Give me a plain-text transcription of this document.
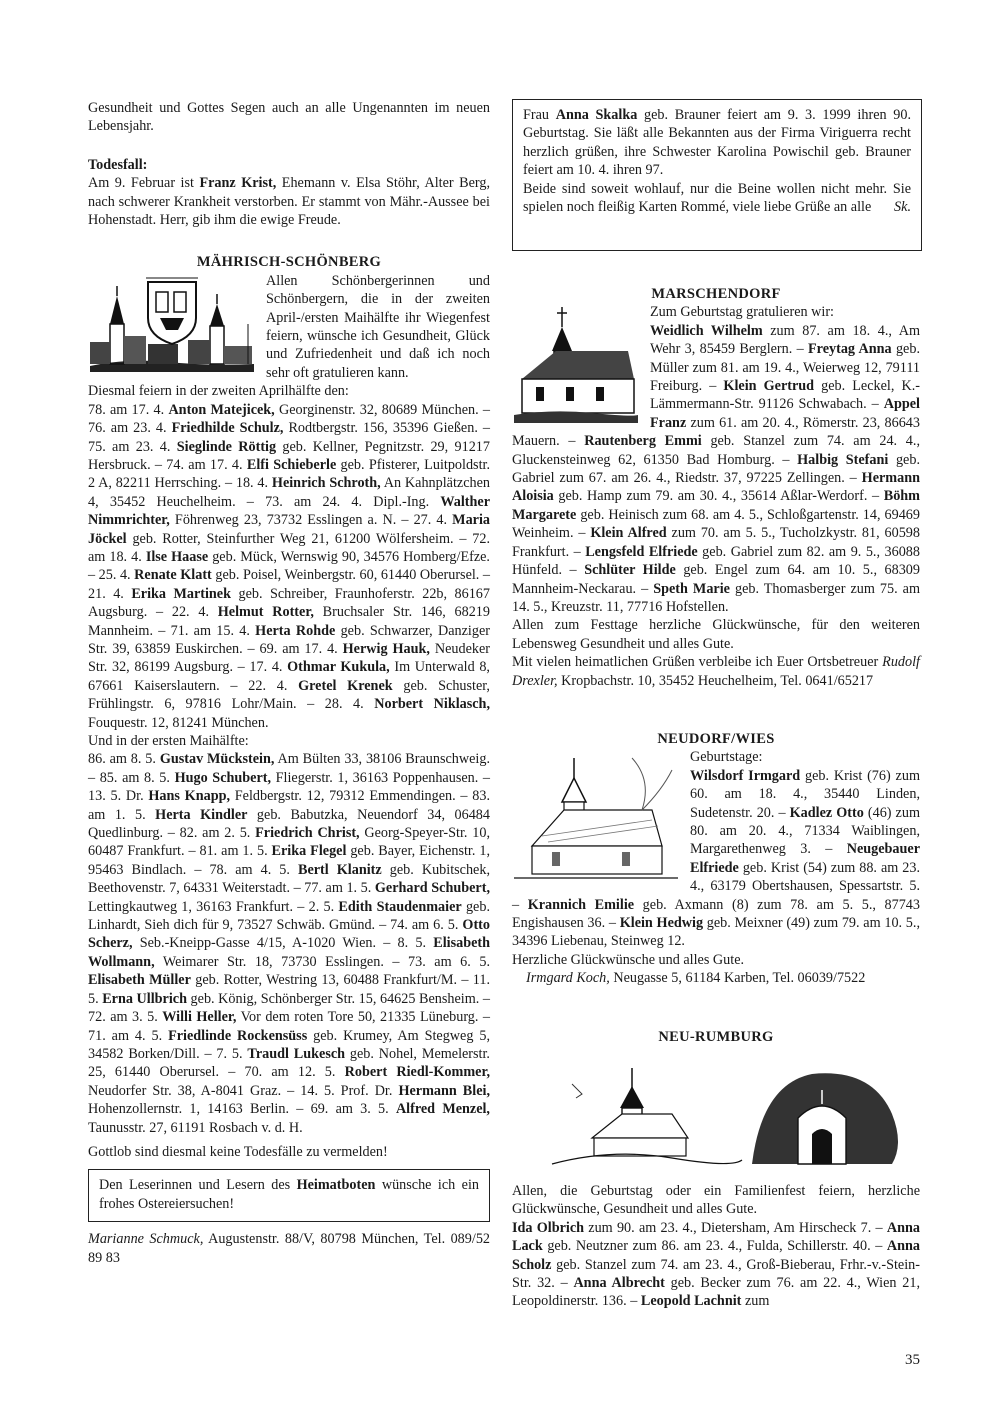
Gesundheit und Gottes Segen auch an alle Ungenannten im neuen Lebensjahr.

Todesfall:

Am 9. Februar ist Franz Krist, Ehemann v. Elsa Stöhr, Alter Berg, nach schwerer Krankheit verstorben. Er stammt von Mähr.-Aussee bei Hohenstadt. Herr, gib ihm die ewige Freude.

MÄHRISCH-SCHÖNBERG

Allen Schönbergerinnen und Schönbergern, die in der zweiten April-/ersten Maihälfte ihr Wiegenfest feiern, wünsche ich Gesundheit, Glück und Zufriedenheit und daß ich noch sehr oft gratulieren kann.

Diesmal feiern in der zweiten Aprilhälfte den:

78. am 17. 4. Anton Matejicek, Georginenstr. 32, 80689 München. – 76. am 23. 4. Friedhilde Schulz, Rodtbergstr. 156, 35396 Gießen. – 75. am 23. 4. Sieglinde Röttig geb. Kellner, Pegnitzstr. 29, 91217 Hersbruck. – 74. am 17. 4. Elfi Schieberle geb. Pfisterer, Luitpoldstr. 2 A, 82211 Herrsching. – 18. 4. Heinrich Schroth, An Kahnplätzchen 4, 35452 Heuchelheim. – 73. am 24. 4. Dipl.-Ing. Walther Nimmrichter, Föhrenweg 23, 73732 Esslingen a. N. – 27. 4. Maria Jöckel geb. Rotter, Steinfurther Weg 21, 61200 Wölfersheim. – 72. am 18. 4. Ilse Haase geb. Mück, Wernswig 90, 34576 Homberg/Efze. – 25. 4. Renate Klatt geb. Poisel, Weinbergstr. 60, 61440 Oberursel. – 21. 4. Erika Martinek geb. Schreiber, Fraunhoferstr. 22b, 86167 Augsburg. – 22. 4. Helmut Rotter, Bruchsaler Str. 146, 68219 Mannheim. – 71. am 15. 4. Herta Rohde geb. Schwarzer, Danziger Str. 39, 63859 Euskirchen. – 69. am 17. 4. Herwig Hauk, Neudeker Str. 32, 86199 Augsburg. – 17. 4. Othmar Kukula, Im Unterwald 8, 67661 Kaiserslautern. – 22. 4. Gretel Krenek geb. Schuster, Frühlingstr. 6, 97816 Lohr/Main. – 28. 4. Norbert Niklasch, Fouquestr. 12, 81241 München.

Und in der ersten Maihälfte:

86. am 8. 5. Gustav Mückstein, Am Bülten 33, 38106 Braunschweig. – 85. am 8. 5. Hugo Schubert, Fliegerstr. 1, 36163 Poppenhausen. – 13. 5. Dr. Hans Knapp, Feldbergstr. 12, 79312 Emmendingen. – 83. am 1. 5. Herta Kindler geb. Babutzka, Neuendorf 34, 06484 Quedlinburg. – 82. am 2. 5. Friedrich Christ, Georg-Speyer-Str. 10, 60487 Frankfurt. – 81. am 1. 5. Erika Flegel geb. Bayer, Eichenstr. 1, 95463 Bindlach. – 78. am 4. 5. Bertl Klanitz geb. Kubitschek, Beethovenstr. 7, 64331 Weiterstadt. – 77. am 1. 5. Gerhard Schubert, Lettingkautweg 1, 36163 Frankfurt. – 2. 5. Edith Staudenmaier geb. Linhardt, Sieh dich für 9, 73527 Schwäb. Gmünd. – 74. am 6. 5. Otto Scherz, Seb.-Kneipp-Gasse 4/15, A-1020 Wien. – 8. 5. Elisabeth Wollmann, Weimarer Str. 18, 73730 Esslingen. – 73. am 6. 5. Elisabeth Müller geb. Rotter, Westring 13, 60488 Frankfurt/M. – 11. 5. Erna Ullbrich geb. König, Schönberger Str. 15, 64625 Bensheim. – 72. am 3. 5. Willi Heller, Vor dem roten Tore 50, 21335 Lüneburg. – 71. am 4. 5. Friedlinde Rockensüss geb. Krumey, Am Stegweg 5, 34582 Borken/Dill. – 7. 5. Traudl Lukesch geb. Nohel, Memelerstr. 25, 61440 Oberursel. – 70. am 12. 5. Robert Riedl-Kommer, Neudorfer Str. 38, A-8041 Graz. – 14. 5. Prof. Dr. Hermann Blei, Hohenzollernstr. 1, 14163 Berlin. – 69. am 3. 5. Alfred Menzel, Taunusstr. 27, 61191 Rosbach v. d. H.

Gottlob sind diesmal keine Todesfälle zu vermelden!

Den Leserinnen und Lesern des Heimatboten wünsche ich ein frohes Ostereiersuchen!

Marianne Schmuck, Augustenstr. 88/V, 80798 München, Tel. 089/52 89 83

Frau Anna Skalka geb. Brauner feiert am 9. 3. 1999 ihren 90. Geburtstag. Sie läßt alle Bekannten aus der Firma Viriguerra recht herzlich grüßen, ihre Schwester Karolina Powischil geb. Brauner feiert am 10. 4. ihren 97.

Beide sind soweit wohlauf, nur die Beine wollen nicht mehr. Sie spielen noch fleißig Karten Rommé, viele liebe Grüße an alle Sk.

MARSCHENDORF

Zum Geburtstag gratulieren wir:

Weidlich Wilhelm zum 87. am 18. 4., Am Wehr 3, 85459 Berglern. – Freytag Anna geb. Müller zum 81. am 19. 4., Weierweg 12, 79111 Freiburg. – Klein Gertrud geb. Leckel, K.-Lämmermann-Str. 91126 Schwabach. – Appel Franz zum 61. am 20. 4., Römerstr. 23, 86643 Mauern. – Rautenberg Emmi geb. Stanzel zum 74. am 24. 4., Gluckensteinweg 62, 61350 Bad Homburg. – Halbig Stefani geb. Gabriel zum 67. am 26. 4., Riedstr. 37, 97225 Zellingen. – Hermann Aloisia geb. Hamp zum 79. am 30. 4., 35614 Aßlar-Werdorf. – Böhm Margarete geb. Heinisch zum 68. am 4. 5., Schloßgartenstr. 14, 69469 Weinheim. – Klein Alfred zum 70. am 5. 5., Tucholzkystr. 81, 60598 Frankfurt. – Lengsfeld Elfriede geb. Gabriel zum 82. am 9. 5., 36088 Hünfeld. – Schlüter Hilde geb. Engel zum 64. am 10. 5., 68309 Mannheim-Neckarau. – Speth Marie geb. Thomasberger zum 75. am 14. 5., Kreuzstr. 11, 77716 Hofstellen.

Allen zum Festtage herzliche Glückwünsche, für den weiteren Lebensweg Gesundheit und alles Gute.

Mit vielen heimatlichen Grüßen verbleibe ich Euer Ortsbetreuer Rudolf Drexler, Kropbachstr. 10, 35452 Heuchelheim, Tel. 0641/65217

NEUDORF/WIES

Geburtstage:

Wilsdorf Irmgard geb. Krist (76) zum 60. am 18. 4., 35440 Linden, Sudetenstr. 20. – Kadlez Otto (46) zum 80. am 20. 4., 71334 Waiblingen, Margarethenweg 3. – Neugebauer Elfriede geb. Krist (54) zum 88. am 23. 4., 63179 Obertshausen, Spessartstr. 5. – Krannich Emilie geb. Axmann (8) zum 78. am 5. 5., 87743 Engishausen 36. – Klein Hedwig geb. Meixner (49) zum 79. am 10. 5., 34396 Liebenau, Steinweg 12.

Herzliche Glückwünsche und alles Gute.

Irmgard Koch, Neugasse 5, 61184 Karben, Tel. 06039/7522

NEU-RUMBURG

Allen, die Geburtstag oder ein Familienfest feiern, herzliche Glückwünsche, Gesundheit und alles Gute.

Ida Olbrich zum 90. am 23. 4., Dietersham, Am Hirscheck 7. – Anna Lack geb. Neutzner zum 86. am 23. 4., Fulda, Schillerstr. 40. – Anna Scholz geb. Stanzel zum 74. am 23. 4., Groß-Bieberau, Frhr.-v.-Stein-Str. 32. – Anna Albrecht geb. Becker zum 76. am 22. 4., Wien 21, Leopoldinerstr. 136. – Leopold Lachnit zum

35
